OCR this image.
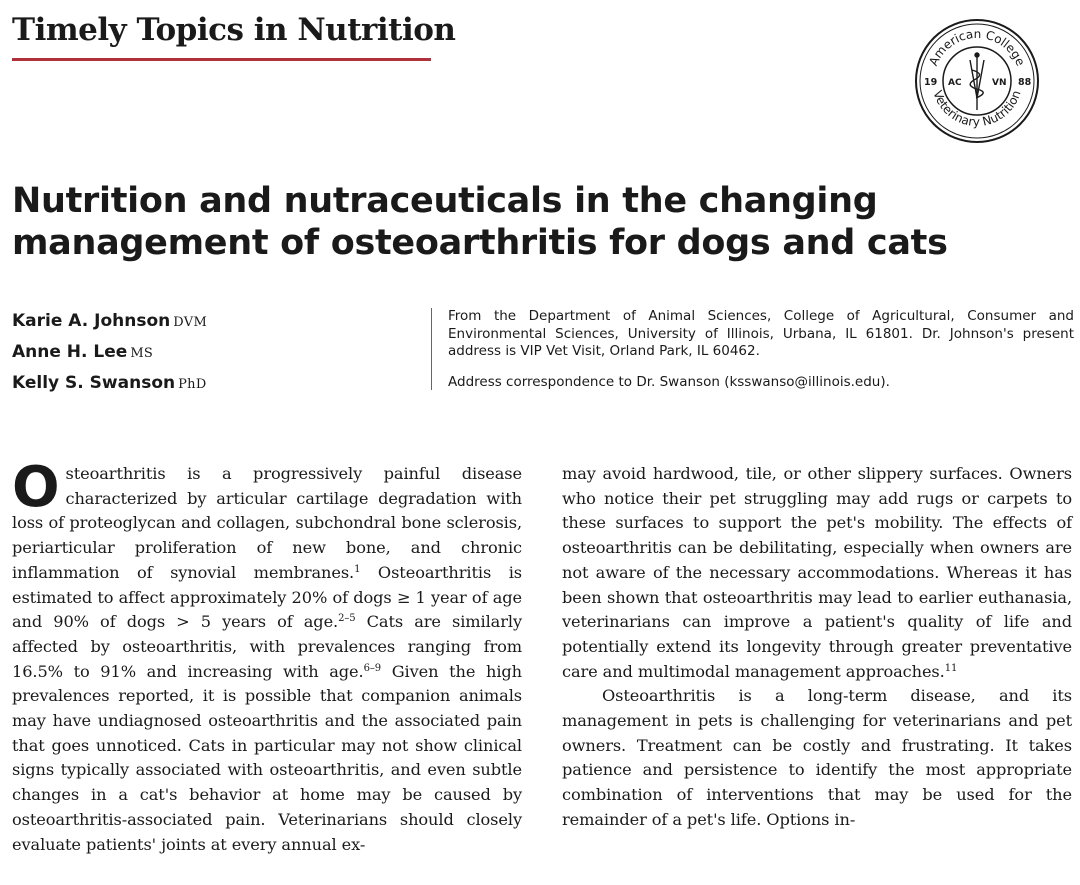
Timely Topics in Nutrition
American College
Veterinary Nutrition
19	88
AC	VN
Nutrition and nutraceuticals in the changing
management of osteoarthritis for dogs and cats
Karie A. Johnson DVM
Anne H. Lee MS
Kelly S. Swanson PhD

From the Department of Animal Sciences, College of Agricultural, Consumer and Environmental Sciences, University of Illinois, Urbana, IL 61801. Dr. Johnson's present address is VIP Vet Visit, Orland Park, IL 60462.

Address correspondence to Dr. Swanson (ksswanso@illinois.edu).

Osteoarthritis is a progressively painful disease characterized by articular cartilage degradation with loss of proteoglycan and collagen, subchondral bone sclerosis, periarticular proliferation of new bone, and chronic inflammation of synovial membranes.$^1$ Osteoarthritis is estimated to affect approximately 20% of dogs ≥ 1 year of age and 90% of dogs > 5 years of age.$^{2-5}$ Cats are similarly affected by osteoarthritis, with prevalences ranging from 16.5% to 91% and increasing with age.$^{6-9}$ Given the high prevalences reported, it is possible that companion animals may have undiagnosed osteoarthritis and the associated pain that goes unnoticed. Cats in particular may not show clinical signs typically associated with osteoarthritis, and even subtle changes in a cat's behavior at home may be caused by osteoarthritis-associated pain. Veterinarians should closely evaluate patients' joints at every annual ex-

may avoid hardwood, tile, or other slippery surfaces. Owners who notice their pet struggling may add rugs or carpets to these surfaces to support the pet's mobility. The effects of osteoarthritis can be debilitating, especially when owners are not aware of the necessary accommodations. Whereas it has been shown that osteoarthritis may lead to earlier euthanasia, veterinarians can improve a patient's quality of life and potentially extend its longevity through greater preventative care and multimodal management approaches.$^{11}$

Osteoarthritis is a long-term disease, and its management in pets is challenging for veterinarians and pet owners. Treatment can be costly and frustrating. It takes patience and persistence to identify the most appropriate combination of interventions that may be used for the remainder of a pet's life. Options in-
